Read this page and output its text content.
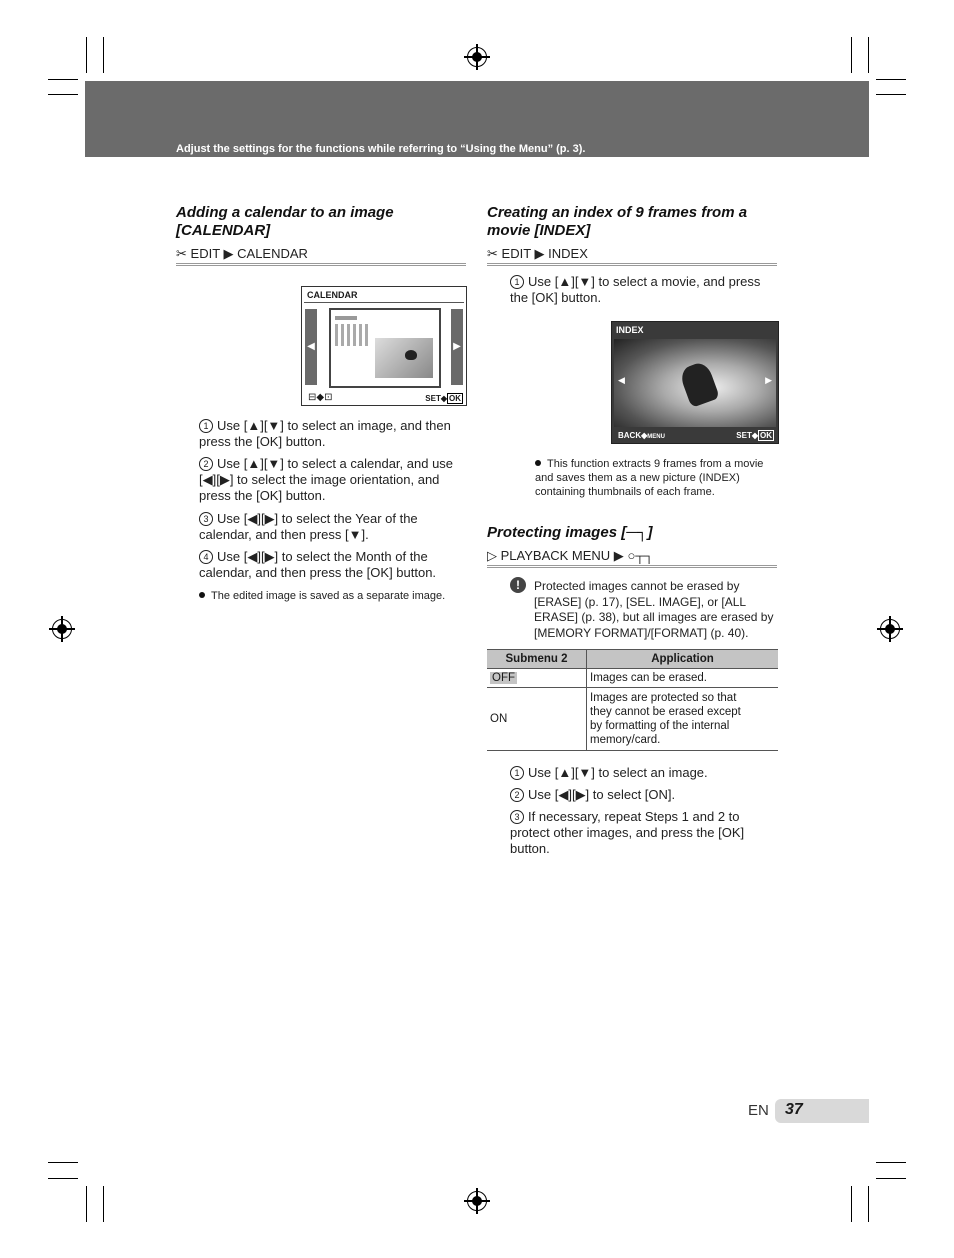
Adjust the settings for the functions while referring to “Using the Menu” (p. 3).
Adding a calendar to an image [CALENDAR]
✂ EDIT ▶ CALENDAR
CALENDAR
◀	▶
⊟◆⊡	SET◆ OK
1 Use [▲][▼] to select an image, and then press the [OK] button.
2 Use [▲][▼] to select a calendar, and use [◀][▶] to select the image orientation, and press the [OK] button.
3 Use [◀][▶] to select the Year of the calendar, and then press [▼].
4 Use [◀][▶] to select the Month of the calendar, and then press the [OK] button.
The edited image is saved as a separate image.
Creating an index of 9 frames from a movie [INDEX]
✂ EDIT ▶ INDEX
1 Use [▲][▼] to select a movie, and press the [OK] button.
INDEX
◀	▶
BACK◆MENU	SET◆ OK
This function extracts 9 frames from a movie and saves them as a new picture (INDEX) containing thumbnails of each frame.
Protecting images [─┐]
▷ PLAYBACK MENU ▶ ○┬┐
!	Protected images cannot be erased by [ERASE] (p. 17), [SEL. IMAGE], or [ALL ERASE] (p. 38), but all images are erased by [MEMORY FORMAT]/[FORMAT] (p. 40).
Submenu 2	Application
OFF	Images can be erased.
ON	Images are protected so that they cannot be erased except by formatting of the internal memory/card.
1 Use [▲][▼] to select an image.
2 Use [◀][▶] to select [ON].
3 If necessary, repeat Steps 1 and 2 to protect other images, and press the [OK] button.
EN 37
